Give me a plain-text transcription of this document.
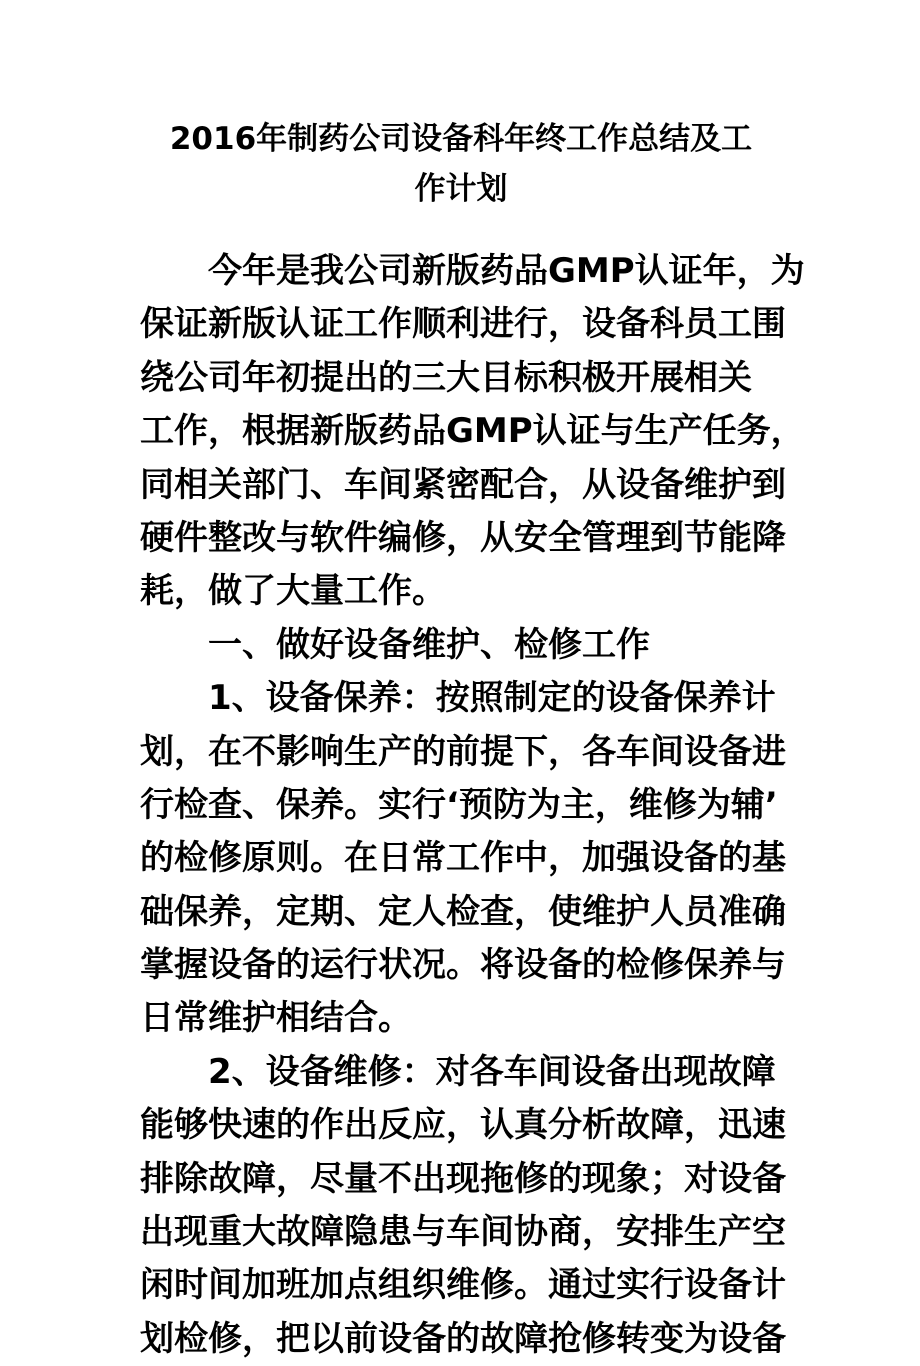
2016年制药公司设备科年终工作总结及工
作计划
今年是我公司新版药品GMP认证年，为
保证新版认证工作顺利进行，设备科员工围
绕公司年初提出的三大目标积极开展相关
工作，根据新版药品GMP认证与生产任务，
同相关部门、车间紧密配合，从设备维护到
硬件整改与软件编修，从安全管理到节能降
耗，做了大量工作。
一、做好设备维护、检修工作
1、设备保养：按照制定的设备保养计
划，在不影响生产的前提下，各车间设备进
行检查、保养。实行‘预防为主，维修为辅’
的检修原则。在日常工作中，加强设备的基
础保养，定期、定人检查，使维护人员准确
掌握设备的运行状况。将设备的检修保养与
日常维护相结合。
2、设备维修：对各车间设备出现故障
能够快速的作出反应，认真分析故障，迅速
排除故障，尽量不出现拖修的现象；对设备
出现重大故障隐患与车间协商，安排生产空
闲时间加班加点组织维修。通过实行设备计
划检修，把以前设备的故障抢修转变为设备
